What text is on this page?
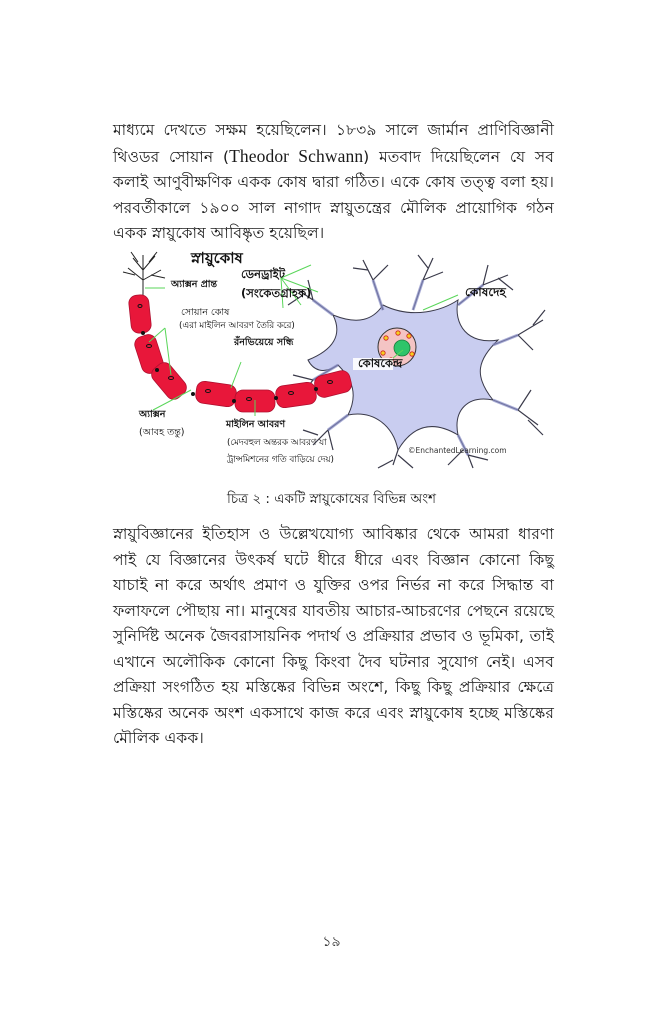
মাধ্যমে দেখতে সক্ষম হয়েছিলেন। ১৮৩৯ সালে জার্মান প্রাণিবিজ্ঞানী থিওডর সোয়ান (Theodor Schwann) মতবাদ দিয়েছিলেন যে সব কলাই আণুবীক্ষণিক একক কোষ দ্বারা গঠিত। একে কোষ তত্ত্ব বলা হয়। পরবর্তীকালে ১৯০০ সাল নাগাদ স্নায়ুতন্ত্রের মৌলিক প্রায়োগিক গঠন একক স্নায়ুকোষ আবিষ্কৃত হয়েছিল।

স্নায়ুকোষ
অ্যাক্সন প্রান্ত
ডেনড্রাইট
(সংকেতগ্রাহক)	কোষদেহ
সোয়ান কোষ
(এরা মাইলিন আবরণ তৈরি করে)
রঁনভিয়েয়ে সন্ধি
কোষকেন্দ্র
অ্যাক্সন
(আবহ তন্তু)
মাইলিন আবরণ
(মেদবহুল অন্তরক আবরণ যা
ট্রান্সমিশনের গতি বাড়িয়ে দেয়)
©EnchantedLearning.com
চিত্র ২ : একটি স্নায়ুকোষের বিভিন্ন অংশ

স্নায়ুবিজ্ঞানের ইতিহাস ও উল্লেখযোগ্য আবিষ্কার থেকে আমরা ধারণা পাই যে বিজ্ঞানের উৎকর্ষ ঘটে ধীরে ধীরে এবং বিজ্ঞান কোনো কিছু যাচাই না করে অর্থাৎ প্রমাণ ও যুক্তির ওপর নির্ভর না করে সিদ্ধান্ত বা ফলাফলে পৌছায় না। মানুষের যাবতীয় আচার-আচরণের পেছনে রয়েছে সুনির্দিষ্ট অনেক জৈবরাসায়নিক পদার্থ ও প্রক্রিয়ার প্রভাব ও ভূমিকা, তাই এখানে অলৌকিক কোনো কিছু কিংবা দৈব ঘটনার সুযোগ নেই। এসব প্রক্রিয়া সংগঠিত হয় মস্তিষ্কের বিভিন্ন অংশে, কিছু কিছু প্রক্রিয়ার ক্ষেত্রে মস্তিষ্কের অনেক অংশ একসাথে কাজ করে এবং স্নায়ুকোষ হচ্ছে মস্তিষ্কের মৌলিক একক।

১৯
